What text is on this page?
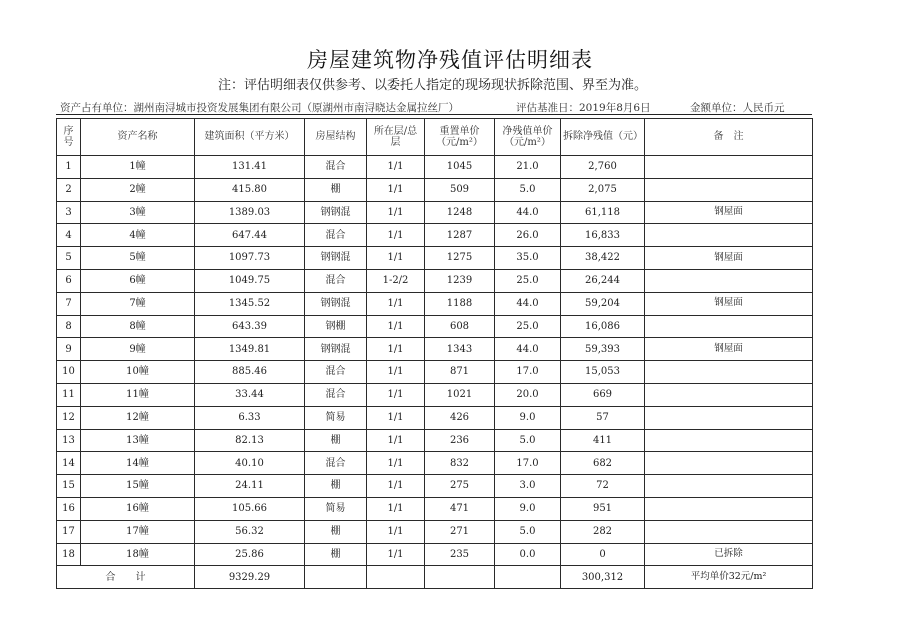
房屋建筑物净残值评估明细表
注：评估明细表仅供参考、以委托人指定的现场现状拆除范围、界至为准。
资产占有单位：湖州南浔城市投资发展集团有限公司（原湖州市南浔晓达金属拉丝厂）	评估基准日：2019年8月6日	金额单位：人民币元
序号	资产名称	建筑面积（平方米）	房屋结构	所在层/总层	重置单价（元/m²）	净残值单价（元/m²）	拆除净残值（元）	备　注
1	1幢	131.41	混合	1/1	1045	21.0	2,760	
2	2幢	415.80	棚	1/1	509	5.0	2,075	
3	3幢	1389.03	钢钢混	1/1	1248	44.0	61,118	钢屋面
4	4幢	647.44	混合	1/1	1287	26.0	16,833	
5	5幢	1097.73	钢钢混	1/1	1275	35.0	38,422	钢屋面
6	6幢	1049.75	混合	1-2/2	1239	25.0	26,244	
7	7幢	1345.52	钢钢混	1/1	1188	44.0	59,204	钢屋面
8	8幢	643.39	钢棚	1/1	608	25.0	16,086	
9	9幢	1349.81	钢钢混	1/1	1343	44.0	59,393	钢屋面
10	10幢	885.46	混合	1/1	871	17.0	15,053	
11	11幢	33.44	混合	1/1	1021	20.0	669	
12	12幢	6.33	简易	1/1	426	9.0	57	
13	13幢	82.13	棚	1/1	236	5.0	411	
14	14幢	40.10	混合	1/1	832	17.0	682	
15	15幢	24.11	棚	1/1	275	3.0	72	
16	16幢	105.66	简易	1/1	471	9.0	951	
17	17幢	56.32	棚	1/1	271	5.0	282	
18	18幢	25.86	棚	1/1	235	0.0	0	已拆除
合　　计		9329.29					300,312	平均单价32元/m²
